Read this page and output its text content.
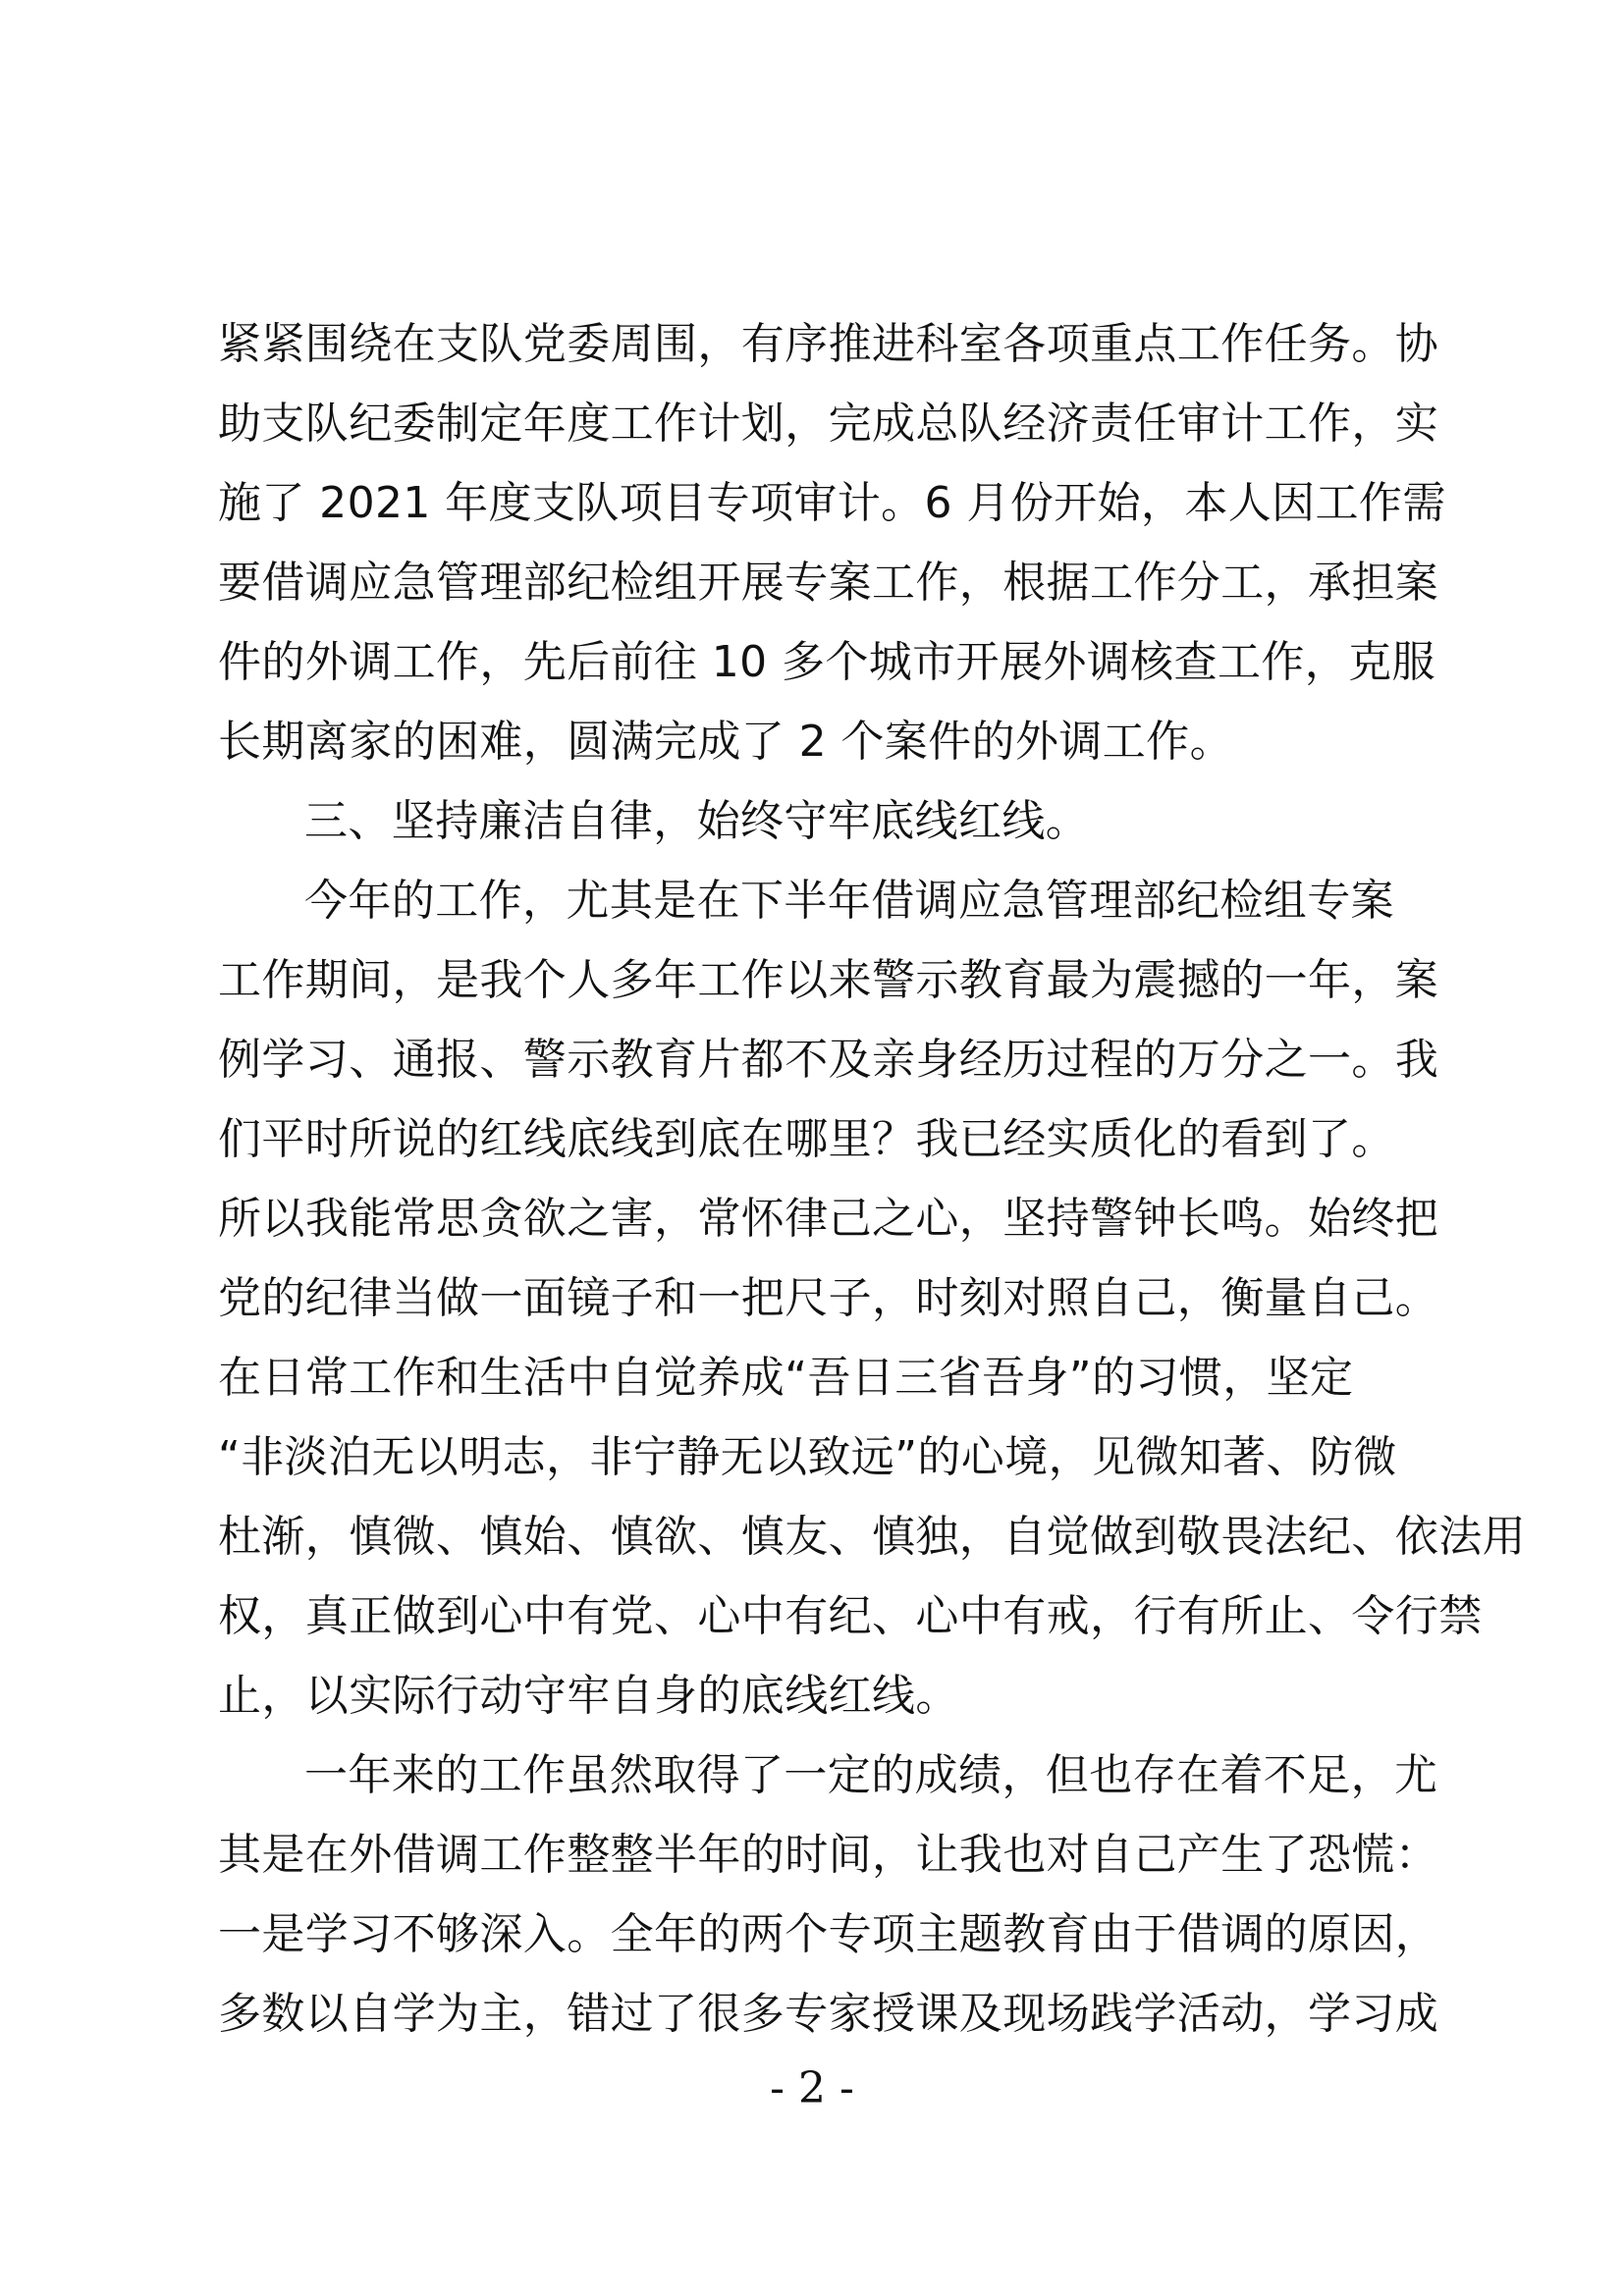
紧紧围绕在支队党委周围，有序推进科室各项重点工作任务。协
助支队纪委制定年度工作计划，完成总队经济责任审计工作，实
施了 2021 年度支队项目专项审计。6 月份开始，本人因工作需
要借调应急管理部纪检组开展专案工作，根据工作分工，承担案
件的外调工作，先后前往 10 多个城市开展外调核查工作，克服
长期离家的困难，圆满完成了 2 个案件的外调工作。
三、坚持廉洁自律，始终守牢底线红线。
今年的工作，尤其是在下半年借调应急管理部纪检组专案
工作期间，是我个人多年工作以来警示教育最为震撼的一年，案
例学习、通报、警示教育片都不及亲身经历过程的万分之一。我
们平时所说的红线底线到底在哪里？我已经实质化的看到了。
所以我能常思贪欲之害，常怀律己之心，坚持警钟长鸣。始终把
党的纪律当做一面镜子和一把尺子，时刻对照自己，衡量自己。
在日常工作和生活中自觉养成“吾日三省吾身”的习惯，坚定
“非淡泊无以明志，非宁静无以致远”的心境，见微知著、防微
杜渐，慎微、慎始、慎欲、慎友、慎独，自觉做到敬畏法纪、依法用
权，真正做到心中有党、心中有纪、心中有戒，行有所止、令行禁
止，以实际行动守牢自身的底线红线。
一年来的工作虽然取得了一定的成绩，但也存在着不足，尤
其是在外借调工作整整半年的时间，让我也对自己产生了恐慌：
一是学习不够深入。全年的两个专项主题教育由于借调的原因，
多数以自学为主，错过了很多专家授课及现场践学活动，学习成
- 2 -
